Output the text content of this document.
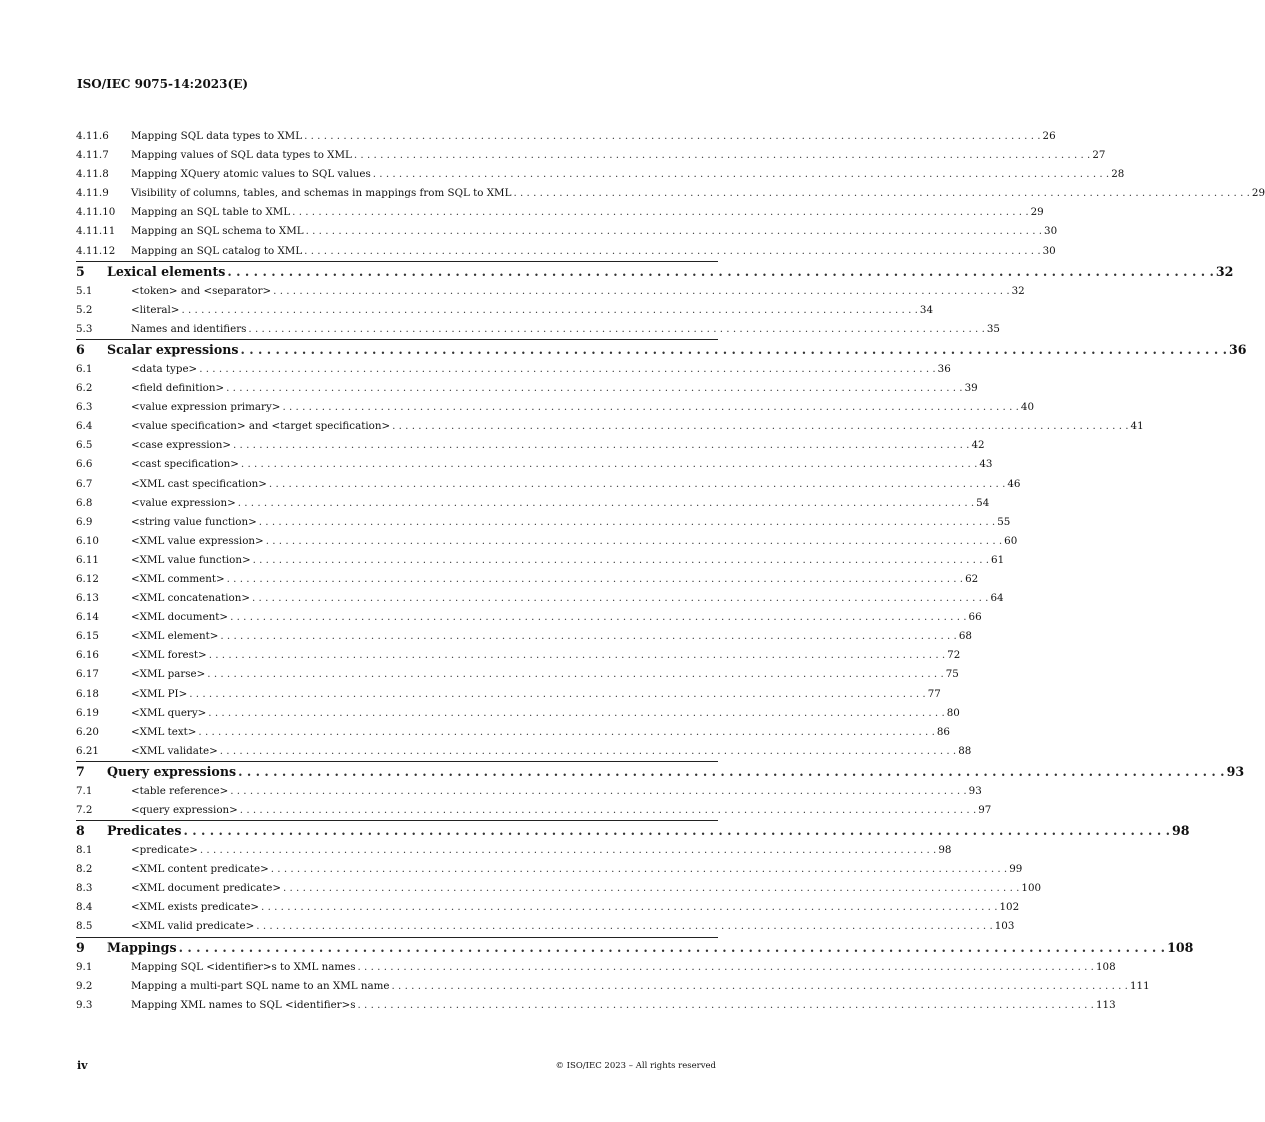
ISO/IEC 9075-14:2023(E)
4.11.6	Mapping SQL data types to XML . . .	26
4.11.7	Mapping values of SQL data types to XML . . .	27
4.11.8	Mapping XQuery atomic values to SQL values . . .	28
4.11.9	Visibility of columns, tables, and schemas in mappings from SQL to XML . . .	29
4.11.10	Mapping an SQL table to XML . . .	29
4.11.11	Mapping an SQL schema to XML . . .	30
4.11.12	Mapping an SQL catalog to XML . . .	30
5	Lexical elements . . .	32
5.1	<token> and <separator> . . .	32
5.2	<literal> . . .	34
5.3	Names and identifiers . . .	35
6	Scalar expressions . . .	36
6.1	<data type> . . .	36
6.2	<field definition> . . .	39
6.3	<value expression primary> . . .	40
6.4	<value specification> and <target specification> . . .	41
6.5	<case expression> . . .	42
6.6	<cast specification> . . .	43
6.7	<XML cast specification> . . .	46
6.8	<value expression> . . .	54
6.9	<string value function> . . .	55
6.10	<XML value expression> . . .	60
6.11	<XML value function> . . .	61
6.12	<XML comment> . . .	62
6.13	<XML concatenation> . . .	64
6.14	<XML document> . . .	66
6.15	<XML element> . . .	68
6.16	<XML forest> . . .	72
6.17	<XML parse> . . .	75
6.18	<XML PI> . . .	77
6.19	<XML query> . . .	80
6.20	<XML text> . . .	86
6.21	<XML validate> . . .	88
7	Query expressions . . .	93
7.1	<table reference> . . .	93
7.2	<query expression> . . .	97
8	Predicates . . .	98
8.1	<predicate> . . .	98
8.2	<XML content predicate> . . .	99
8.3	<XML document predicate> . . .	100
8.4	<XML exists predicate> . . .	102
8.5	<XML valid predicate> . . .	103
9	Mappings . . .	108
9.1	Mapping SQL <identifier>s to XML names . . .	108
9.2	Mapping a multi-part SQL name to an XML name . . .	111
9.3	Mapping XML names to SQL <identifier>s . . .	113
iv	© ISO/IEC 2023 – All rights reserved
